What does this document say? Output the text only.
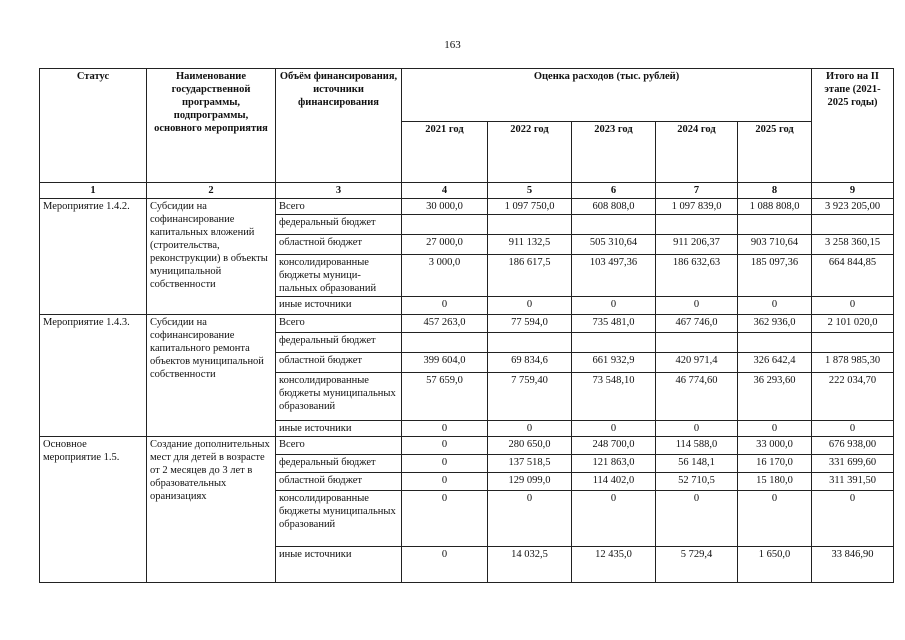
163
Статус	Наименование государственной программы, подпрограммы, основного мероприятия	Объём финансирования, источники финансирования	Оценка расходов (тыс. рублей)					Итого на II этапе (2021-2025 годы)
			2021 год	2022 год	2023 год	2024 год	2025 год	
1	2	3	4	5	6	7	8	9
Мероприятие 1.4.2.	Субсидии на софинансирование капитальных вложений (строительства, реконструкции) в объекты муниципальной собственности	Всего	30 000,0	1 097 750,0	608 808,0	1 097 839,0	1 088 808,0	3 923 205,00
		федеральный бюджет						
		областной бюджет	27 000,0	911 132,5	505 310,64	911 206,37	903 710,64	3 258 360,15
		консолидированные бюджеты муници-пальных образований	3 000,0	186 617,5	103 497,36	186 632,63	185 097,36	664 844,85
		иные источники	0	0	0	0	0	0
Мероприятие 1.4.3.	Субсидии на софинансирование капитального ремонта объектов муниципальной собственности	Всего	457 263,0	77 594,0	735 481,0	467 746,0	362 936,0	2 101 020,0
		федеральный бюджет						
		областной бюджет	399 604,0	69 834,6	661 932,9	420 971,4	326 642,4	1 878 985,30
		консолидированные бюджеты муниципальных образований	57 659,0	7 759,40	73 548,10	46 774,60	36 293,60	222 034,70
		иные источники	0	0	0	0	0	0
Основное мероприятие 1.5.	Создание дополнительных мест для детей в возрасте от 2 месяцев до 3 лет в образовательных оранизациях	Всего	0	280 650,0	248 700,0	114 588,0	33 000,0	676 938,00
		федеральный бюджет	0	137 518,5	121 863,0	56 148,1	16 170,0	331 699,60
		областной бюджет	0	129 099,0	114 402,0	52 710,5	15 180,0	311 391,50
		консолидированные бюджеты муниципальных образований	0	0	0	0	0	0
		иные источники	0	14 032,5	12 435,0	5 729,4	1 650,0	33 846,90
